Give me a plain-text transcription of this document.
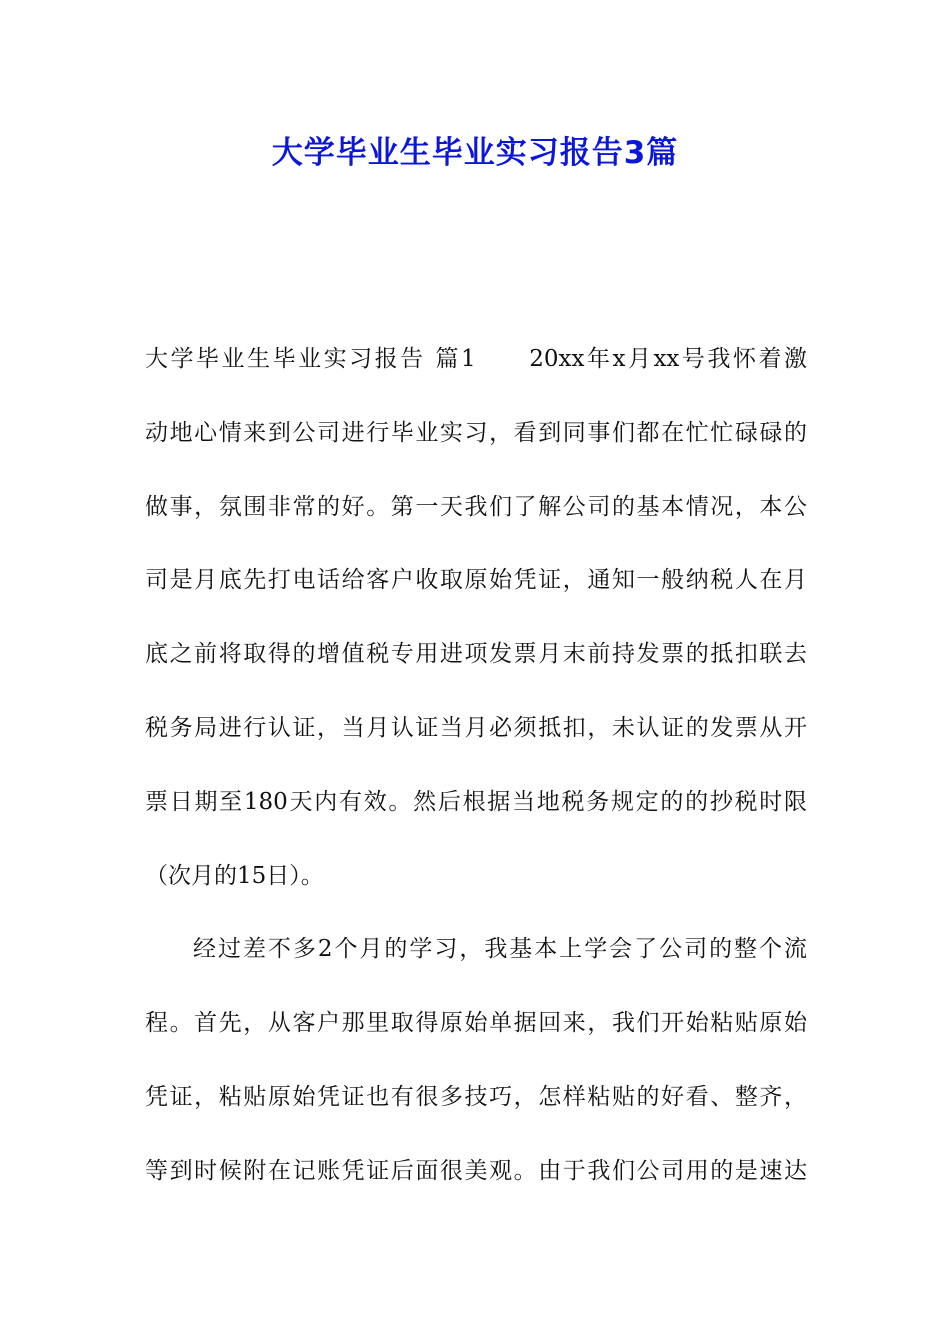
大学毕业生毕业实习报告3篇
大学毕业生毕业实习报告 篇1　　20xx年x月xx号我怀着激
动地心情来到公司进行毕业实习，看到同事们都在忙忙碌碌的
做事，氛围非常的好。第一天我们了解公司的基本情况，本公
司是月底先打电话给客户收取原始凭证，通知一般纳税人在月
底之前将取得的增值税专用进项发票月末前持发票的抵扣联去
税务局进行认证，当月认证当月必须抵扣，未认证的发票从开
票日期至180天内有效。然后根据当地税务规定的的抄税时限
（次月的15日）。
经过差不多2个月的学习，我基本上学会了公司的整个流
程。首先，从客户那里取得原始单据回来，我们开始粘贴原始
凭证，粘贴原始凭证也有很多技巧，怎样粘贴的好看、整齐，
等到时候附在记账凭证后面很美观。由于我们公司用的是速达
